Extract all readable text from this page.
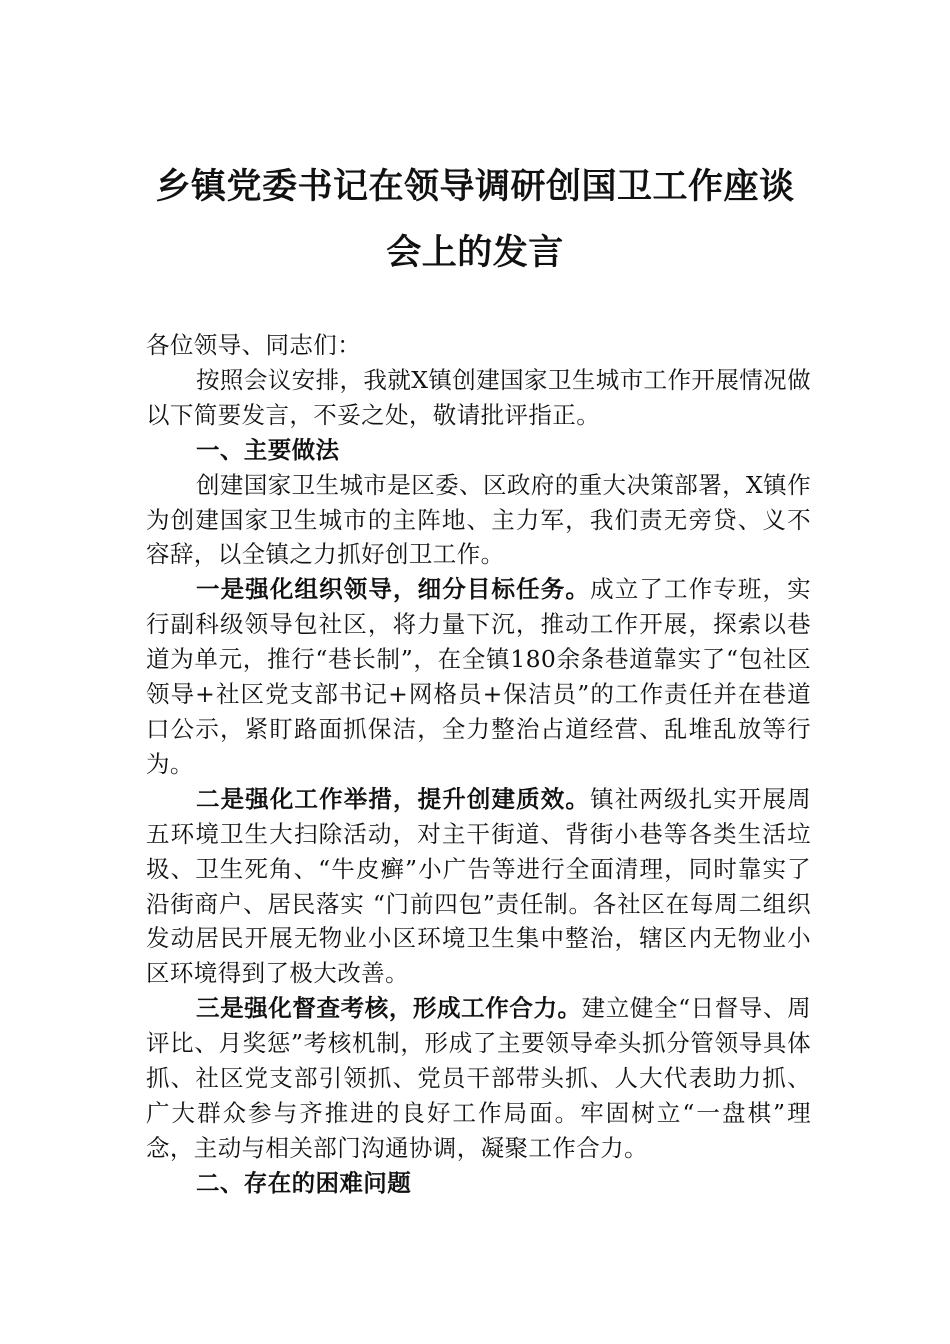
乡镇党委书记在领导调研创国卫工作座谈
会上的发言

各位领导、同志们：

按照会议安排，我就X镇创建国家卫生城市工作开展情况做以下简要发言，不妥之处，敬请批评指正。

一、主要做法

创建国家卫生城市是区委、区政府的重大决策部署，X镇作为创建国家卫生城市的主阵地、主力军，我们责无旁贷、义不容辞，以全镇之力抓好创卫工作。

一是强化组织领导，细分目标任务。成立了工作专班，实行副科级领导包社区，将力量下沉，推动工作开展，探索以巷道为单元，推行“巷长制”，在全镇180余条巷道靠实了“包社区领导+社区党支部书记+网格员+保洁员”的工作责任并在巷道口公示，紧盯路面抓保洁，全力整治占道经营、乱堆乱放等行为。

二是强化工作举措，提升创建质效。镇社两级扎实开展周五环境卫生大扫除活动，对主干街道、背街小巷等各类生活垃圾、卫生死角、“牛皮癣”小广告等进行全面清理，同时靠实了沿街商户、居民落实 “门前四包”责任制。各社区在每周二组织发动居民开展无物业小区环境卫生集中整治，辖区内无物业小区环境得到了极大改善。

三是强化督查考核，形成工作合力。建立健全“日督导、周评比、月奖惩”考核机制，形成了主要领导牵头抓分管领导具体抓、社区党支部引领抓、党员干部带头抓、人大代表助力抓、广大群众参与齐推进的良好工作局面。牢固树立“一盘棋”理念，主动与相关部门沟通协调，凝聚工作合力。

二、存在的困难问题
